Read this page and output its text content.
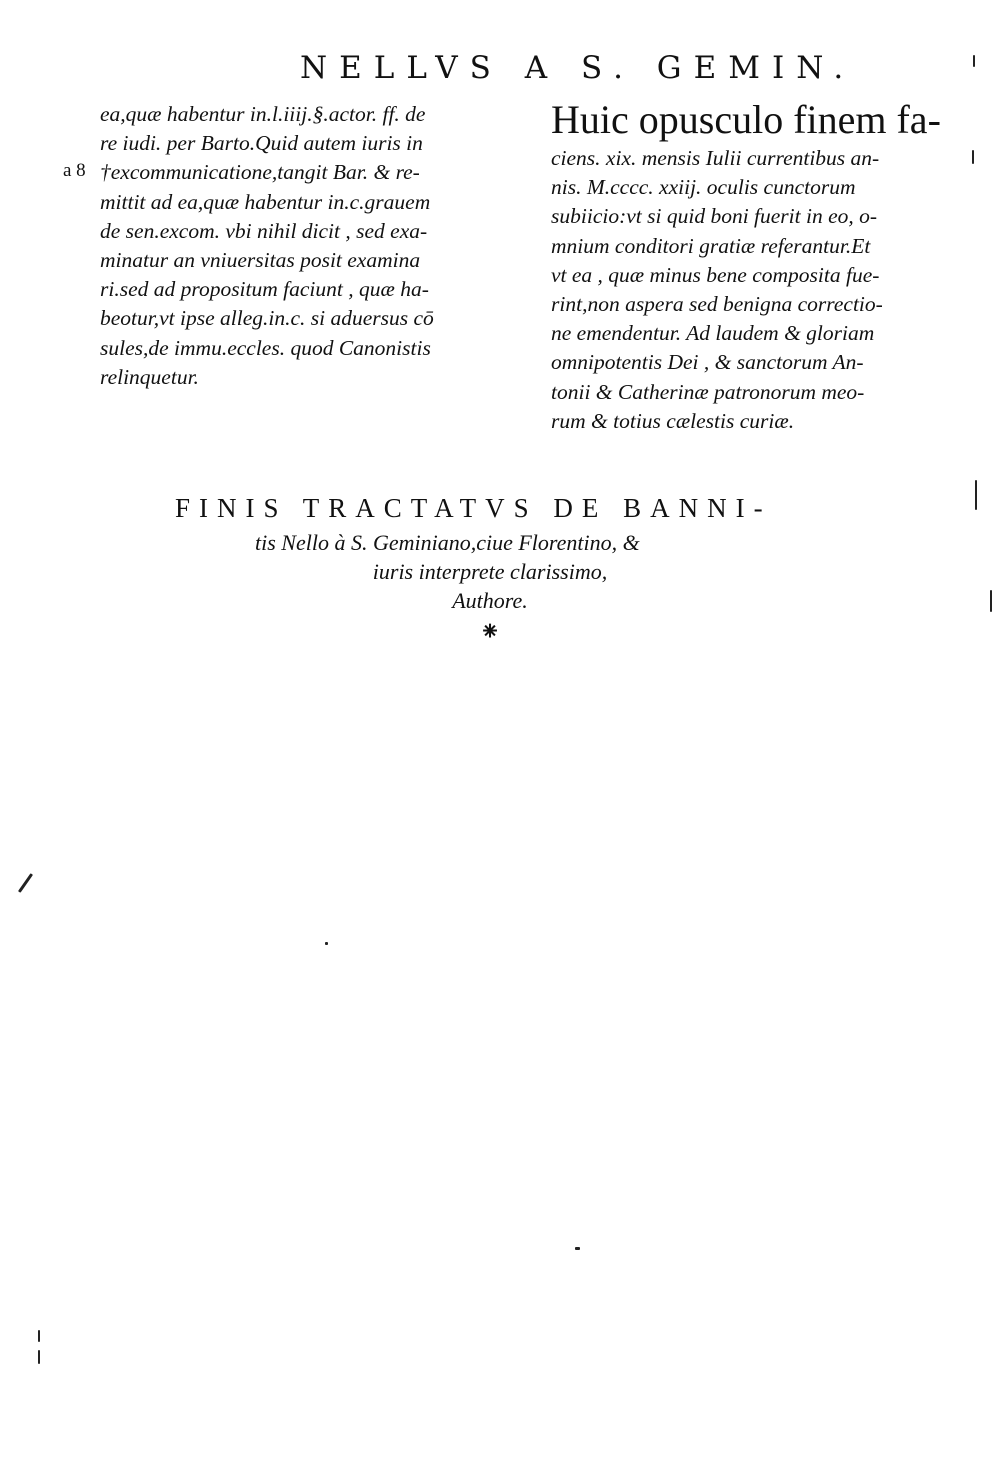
NELLVS A S. GEMIN.
a 8
ea,quæ habentur in.l.iiij.§.actor. ff. de
re iudi. per Barto.Quid autem iuris in
†excommunicatione,tangit Bar. & re-
mittit ad ea,quæ habentur in.c.grauem
de sen.excom. vbi nihil dicit , sed exa-
minatur an vniuersitas posit examina
ri.sed ad propositum faciunt , quæ ha-
beotur,vt ipse alleg.in.c. si aduersus cō
sules,de immu.eccles. quod Canonistis
relinquetur.
Huic opusculo finem fa-
ciens. xix. mensis Iulii currentibus an-
nis. M.cccc. xxiij. oculis cunctorum
subiicio:vt si quid boni fuerit in eo, o-
mnium conditori gratiæ referantur.Et
vt ea , quæ minus bene composita fue-
rint,non aspera sed benigna correctio-
ne emendentur. Ad laudem & gloriam
omnipotentis Dei , & sanctorum An-
tonii & Catherinæ patronorum meo-
rum & totius cælestis curiæ.
FINIS TRACTATVS DE BANNI-
tis Nello à S. Geminiano,ciue Florentino, &
iuris interprete clarissimo,
Authore.
⁕
